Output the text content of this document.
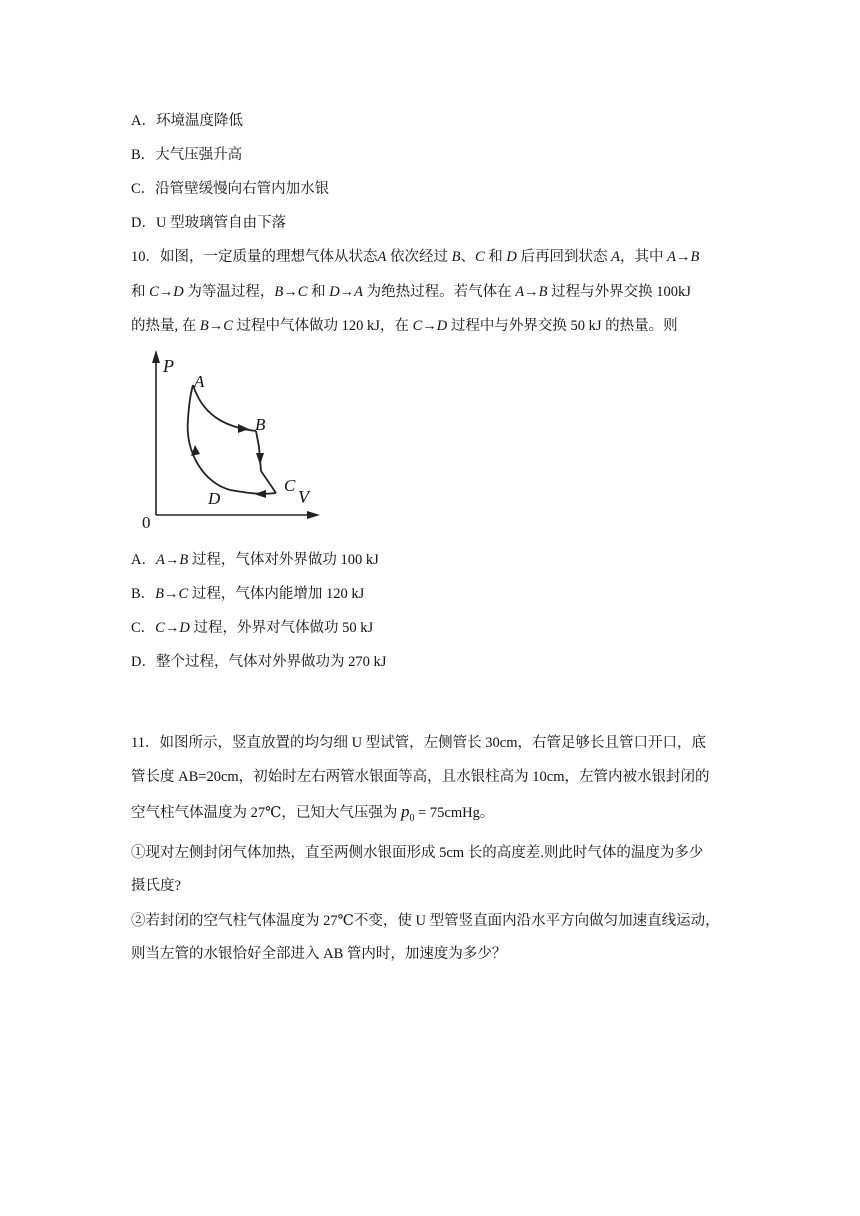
A．环境温度降低
B．大气压强升高
C．沿管壁缓慢向右管内加水银
D．U 型玻璃管自由下落
10．如图，一定质量的理想气体从状态A 依次经过 B、C 和 D 后再回到状态 A，其中 A→B
和 C→D 为等温过程，B→C 和 D→A 为绝热过程。若气体在 A→B 过程与外界交换 100kJ
的热量, 在 B→C 过程中气体做功 120 kJ，在 C→D 过程中与外界交换 50 kJ 的热量。则
P
A
B
C
V
D
0
A．A→B 过程，气体对外界做功 100 kJ
B．B→C 过程，气体内能增加 120 kJ
C．C→D 过程，外界对气体做功 50 kJ
D．整个过程，气体对外界做功为 270 kJ
11．如图所示，竖直放置的均匀细 U 型试管，左侧管长 30cm，右管足够长且管口开口，底
管长度 AB=20cm，初始时左右两管水银面等高，且水银柱高为 10cm，左管内被水银封闭的
空气柱气体温度为 27℃，已知大气压强为 $p_0$ = 75cmHg。
①现对左侧封闭气体加热，直至两侧水银面形成 5cm 长的高度差.则此时气体的温度为多少
摄氏度?
②若封闭的空气柱气体温度为 27℃不变，使 U 型管竖直面内沿水平方向做匀加速直线运动，
则当左管的水银恰好全部进入 AB 管内时，加速度为多少？
